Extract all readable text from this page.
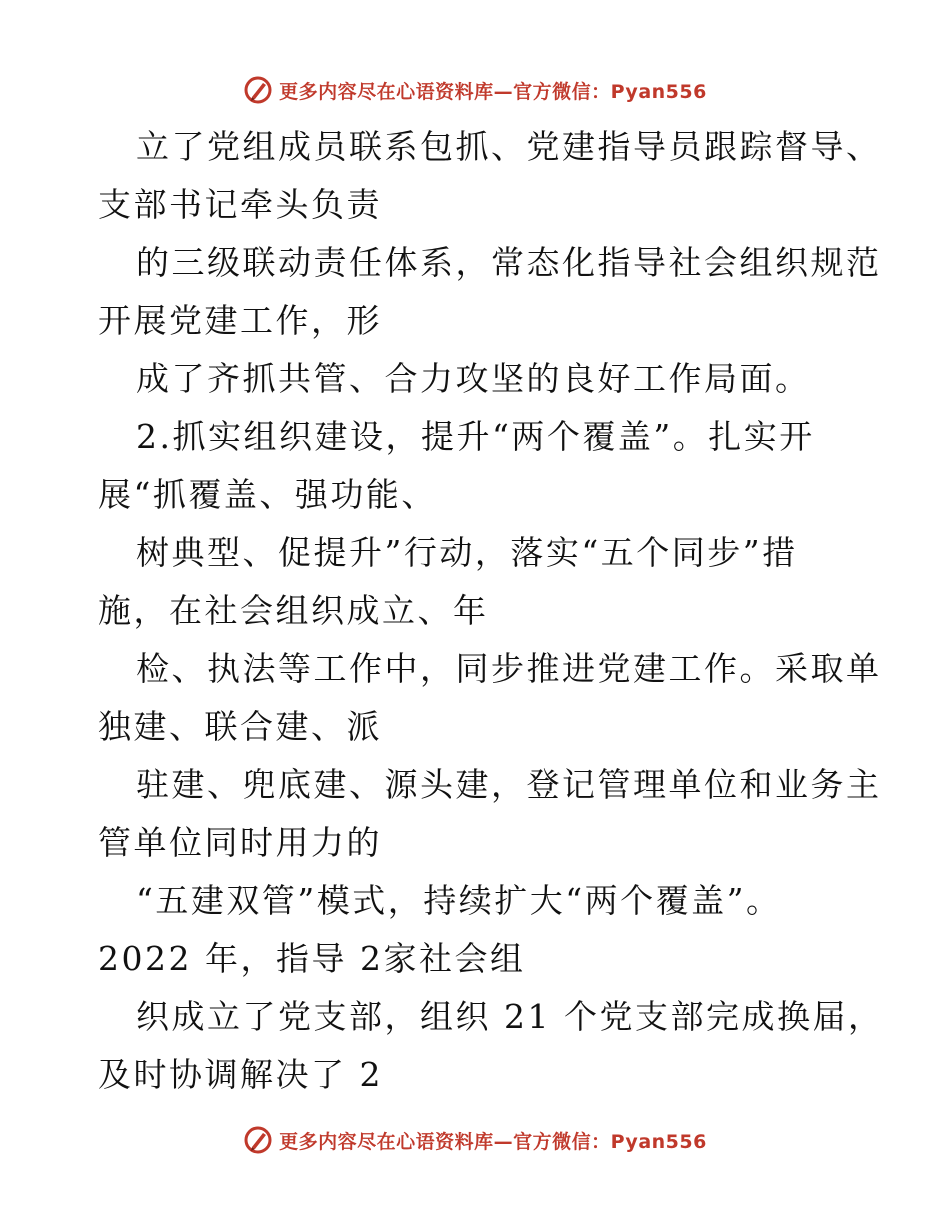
更多内容尽在心语资料库—官方微信：Pyan556
立了党组成员联系包抓、党建指导员跟踪督导、
支部书记牵头负责
的三级联动责任体系，常态化指导社会组织规范
开展党建工作，形
成了齐抓共管、合力攻坚的良好工作局面。
2.抓实组织建设，提升“两个覆盖”。扎实开
展“抓覆盖、强功能、
树典型、促提升”行动，落实“五个同步”措
施，在社会组织成立、年
检、执法等工作中，同步推进党建工作。采取单
独建、联合建、派
驻建、兜底建、源头建，登记管理单位和业务主
管单位同时用力的
“五建双管”模式，持续扩大“两个覆盖”。
2022 年，指导 2家社会组
织成立了党支部，组织 21 个党支部完成换届，
及时协调解决了 2
更多内容尽在心语资料库—官方微信：Pyan556
